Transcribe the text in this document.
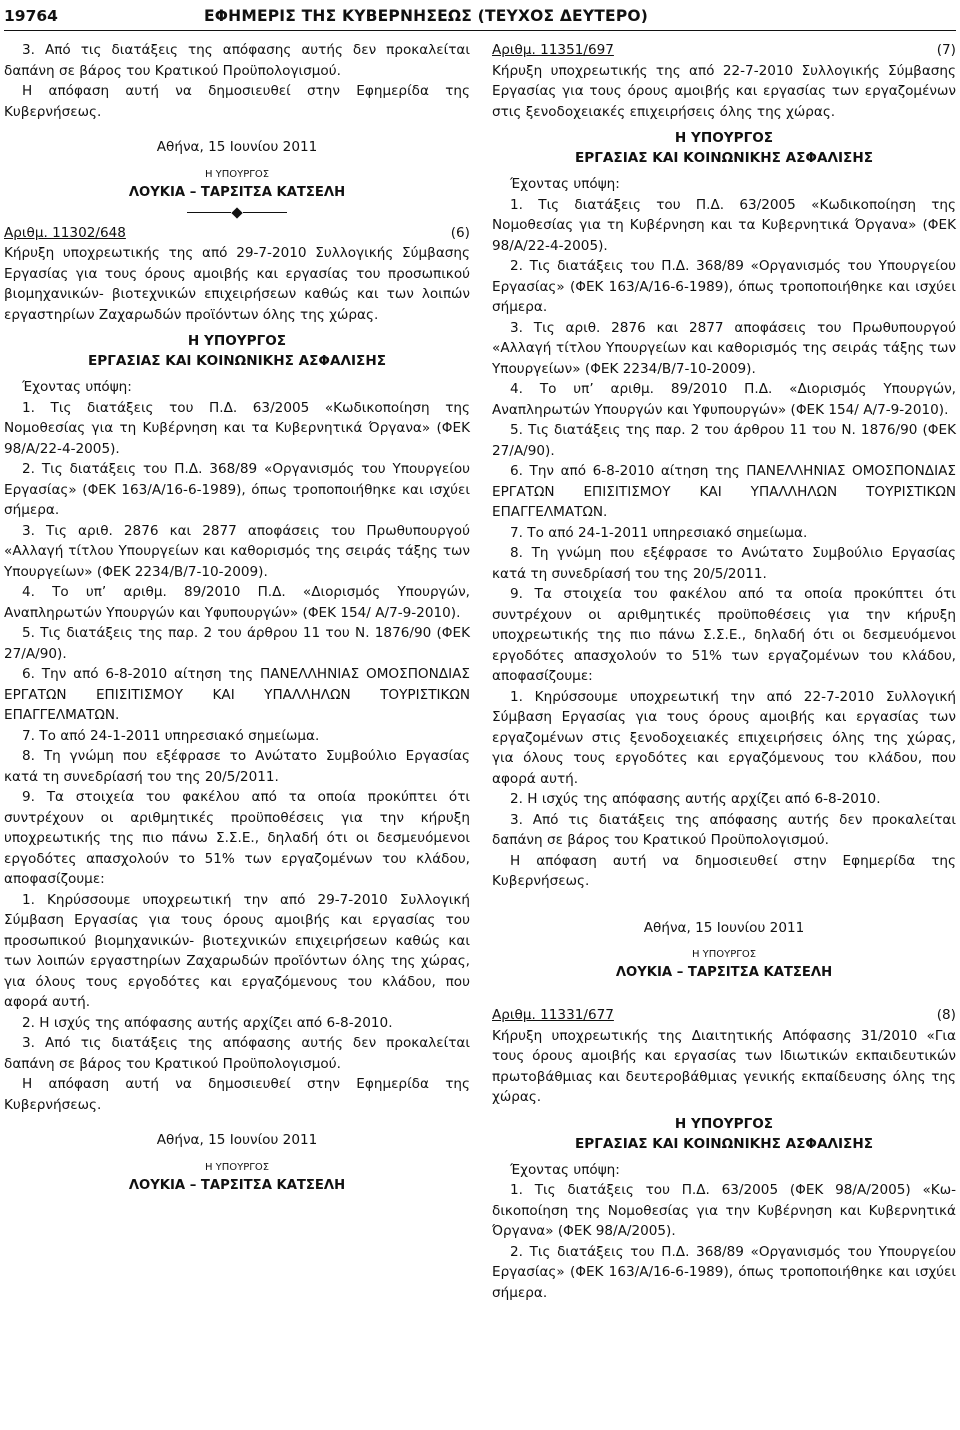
19764	ΕΦΗΜΕΡΙΣ ΤΗΣ ΚΥΒΕΡΝΗΣΕΩΣ (ΤΕΥΧΟΣ ΔΕΥΤΕΡΟ)

3. Από τις διατάξεις της απόφασης αυτής δεν προκαλείται δαπάνη σε βάρος του Κρατικού Προϋπολογισμού.

Η απόφαση αυτή να δημοσιευθεί στην Εφημερίδα της Κυβερνήσεως.

Αθήνα, 15 Ιουνίου 2011

Η ΥΠΟΥΡΓΟΣ

ΛΟΥΚΙΑ – ΤΑΡΣΙΤΣΑ ΚΑΤΣΕΛΗ

Αριθμ. 11302/648	(6)

Κήρυξη υποχρεωτικής της από 29-7-2010 Συλλογικής Σύμβασης Εργασίας για τους όρους αμοιβής και εργασίας του προσωπικού βιομηχανικών- βιοτεχνικών επιχειρήσεων καθώς και των λοιπών εργαστηρίων Ζαχαρωδών προϊόντων όλης της χώρας.

Η ΥΠΟΥΡΓΟΣ

ΕΡΓΑΣΙΑΣ ΚΑΙ ΚΟΙΝΩΝΙΚΗΣ ΑΣΦΑΛΙΣΗΣ

Έχοντας υπόψη:

1. Τις διατάξεις του Π.Δ. 63/2005 «Κωδικοποίηση της Νομοθεσίας για τη Κυβέρνηση και τα Κυβερνητικά Όργανα» (ΦΕΚ 98/Α/22-4-2005).

2. Τις διατάξεις του Π.Δ. 368/89 «Οργανισμός του Υπουργείου Εργασίας» (ΦΕΚ 163/Α/16-6-1989), όπως τροποποιήθηκε και ισχύει σήμερα.

3. Τις αριθ. 2876 και 2877 αποφάσεις του Πρωθυπουργού «Αλλαγή τίτλου Υπουργείων και καθορισμός της σειράς τάξης των Υπουργείων» (ΦΕΚ 2234/Β/7-10-2009).

4. Το υπ’ αριθμ. 89/2010 Π.Δ. «Διορισμός Υπουργών, Αναπληρωτών Υπουργών και Υφυπουργών» (ΦΕΚ 154/ Α/7-9-2010).

5. Τις διατάξεις της παρ. 2 του άρθρου 11 του Ν. 1876/90 (ΦΕΚ 27/Α/90).

6. Την από 6-8-2010 αίτηση της ΠΑΝΕΛΛΗΝΙΑΣ ΟΜΟΣΠΟΝΔΙΑΣ ΕΡΓΑΤΩΝ ΕΠΙΣΙΤΙΣΜΟΥ ΚΑΙ ΥΠΑΛΛΗΛΩΝ ΤΟΥΡΙΣΤΙΚΩΝ ΕΠΑΓΓΕΛΜΑΤΩΝ.

7. Το από 24-1-2011 υπηρεσιακό σημείωμα.

8. Τη γνώμη που εξέφρασε το Ανώτατο Συμβούλιο Εργασίας κατά τη συνεδρίασή του της 20/5/2011.

9. Τα στοιχεία του φακέλου από τα οποία προκύπτει ότι συντρέχουν οι αριθμητικές προϋποθέσεις για την κήρυξη υποχρεωτικής της πιο πάνω Σ.Σ.Ε., δηλαδή ότι οι δεσμευόμενοι εργοδότες απασχολούν το 51% των εργαζομένων του κλάδου, αποφασίζουμε:

1. Κηρύσσουμε υποχρεωτική την από 29-7-2010 Συλλογική Σύμβαση Εργασίας για τους όρους αμοιβής και εργασίας του προσωπικού βιομηχανικών- βιοτεχνικών επιχειρήσεων καθώς και των λοιπών εργαστηρίων Ζαχαρωδών προϊόντων όλης της χώρας, για όλους τους εργοδότες και εργαζόμενους του κλάδου, που αφορά αυτή.

2. Η ισχύς της απόφασης αυτής αρχίζει από 6-8-2010.

3. Από τις διατάξεις της απόφασης αυτής δεν προκαλείται δαπάνη σε βάρος του Κρατικού Προϋπολογισμού.

Η απόφαση αυτή να δημοσιευθεί στην Εφημερίδα της Κυβερνήσεως.

Αθήνα, 15 Ιουνίου 2011

Η ΥΠΟΥΡΓΟΣ

ΛΟΥΚΙΑ – ΤΑΡΣΙΤΣΑ ΚΑΤΣΕΛΗ

Αριθμ. 11351/697	(7)

Κήρυξη υποχρεωτικής της από 22-7-2010 Συλλογικής Σύμβασης Εργασίας για τους όρους αμοιβής και εργασίας των εργαζομένων στις ξενοδοχειακές επιχειρήσεις όλης της χώρας.

Η ΥΠΟΥΡΓΟΣ

ΕΡΓΑΣΙΑΣ ΚΑΙ ΚΟΙΝΩΝΙΚΗΣ ΑΣΦΑΛΙΣΗΣ

Έχοντας υπόψη:

1. Τις διατάξεις του Π.Δ. 63/2005 «Κωδικοποίηση της Νομοθεσίας για τη Κυβέρνηση και τα Κυβερνητικά Όργανα» (ΦΕΚ 98/Α/22-4-2005).

2. Τις διατάξεις του Π.Δ. 368/89 «Οργανισμός του Υπουργείου Εργασίας» (ΦΕΚ 163/Α/16-6-1989), όπως τροποποιήθηκε και ισχύει σήμερα.

3. Τις αριθ. 2876 και 2877 αποφάσεις του Πρωθυπουργού «Αλλαγή τίτλου Υπουργείων και καθορισμός της σειράς τάξης των Υπουργείων» (ΦΕΚ 2234/Β/7-10-2009).

4. Το υπ’ αριθμ. 89/2010 Π.Δ. «Διορισμός Υπουργών, Αναπληρωτών Υπουργών και Υφυπουργών» (ΦΕΚ 154/ Α/7-9-2010).

5. Τις διατάξεις της παρ. 2 του άρθρου 11 του Ν. 1876/90 (ΦΕΚ 27/Α/90).

6. Την από 6-8-2010 αίτηση της ΠΑΝΕΛΛΗΝΙΑΣ ΟΜΟΣΠΟΝΔΙΑΣ ΕΡΓΑΤΩΝ ΕΠΙΣΙΤΙΣΜΟΥ ΚΑΙ ΥΠΑΛΛΗΛΩΝ ΤΟΥΡΙΣΤΙΚΩΝ ΕΠΑΓΓΕΛΜΑΤΩΝ.

7. Το από 24-1-2011 υπηρεσιακό σημείωμα.

8. Τη γνώμη που εξέφρασε το Ανώτατο Συμβούλιο Εργασίας κατά τη συνεδρίασή του της 20/5/2011.

9. Τα στοιχεία του φακέλου από τα οποία προκύπτει ότι συντρέχουν οι αριθμητικές προϋποθέσεις για την κήρυξη υποχρεωτικής της πιο πάνω Σ.Σ.Ε., δηλαδή ότι οι δεσμευόμενοι εργοδότες απασχολούν το 51% των εργαζομένων του κλάδου, αποφασίζουμε:

1. Κηρύσσουμε υποχρεωτική την από 22-7-2010 Συλλογική Σύμβαση Εργασίας για τους όρους αμοιβής και εργασίας των εργαζομένων στις ξενοδοχειακές επιχειρήσεις όλης της χώρας, για όλους τους εργοδότες και εργαζόμενους του κλάδου, που αφορά αυτή.

2. Η ισχύς της απόφασης αυτής αρχίζει από 6-8-2010.

3. Από τις διατάξεις της απόφασης αυτής δεν προκαλείται δαπάνη σε βάρος του Κρατικού Προϋπολογισμού.

Η απόφαση αυτή να δημοσιευθεί στην Εφημερίδα της Κυβερνήσεως.

Αθήνα, 15 Ιουνίου 2011

Η ΥΠΟΥΡΓΟΣ

ΛΟΥΚΙΑ – ΤΑΡΣΙΤΣΑ ΚΑΤΣΕΛΗ

Αριθμ. 11331/677	(8)

Κήρυξη υποχρεωτικής της Διαιτητικής Απόφασης 31/2010 «Για τους όρους αμοιβής και εργασίας των Ιδιωτικών εκπαιδευτικών πρωτοβάθμιας και δευτεροβάθμιας γενικής εκπαίδευσης όλης της χώρας.

Η ΥΠΟΥΡΓΟΣ

ΕΡΓΑΣΙΑΣ ΚΑΙ ΚΟΙΝΩΝΙΚΗΣ ΑΣΦΑΛΙΣΗΣ

Έχοντας υπόψη:

1. Τις διατάξεις του Π.Δ. 63/2005 (ΦΕΚ 98/Α/2005) «Κωδικοποίηση της Νομοθεσίας για την Κυβέρνηση και Κυβερνητικά Όργανα» (ΦΕΚ 98/Α/2005).

2. Τις διατάξεις του Π.Δ. 368/89 «Οργανισμός του Υπουργείου Εργασίας» (ΦΕΚ 163/Α/16-6-1989), όπως τροποποιήθηκε και ισχύει σήμερα.
